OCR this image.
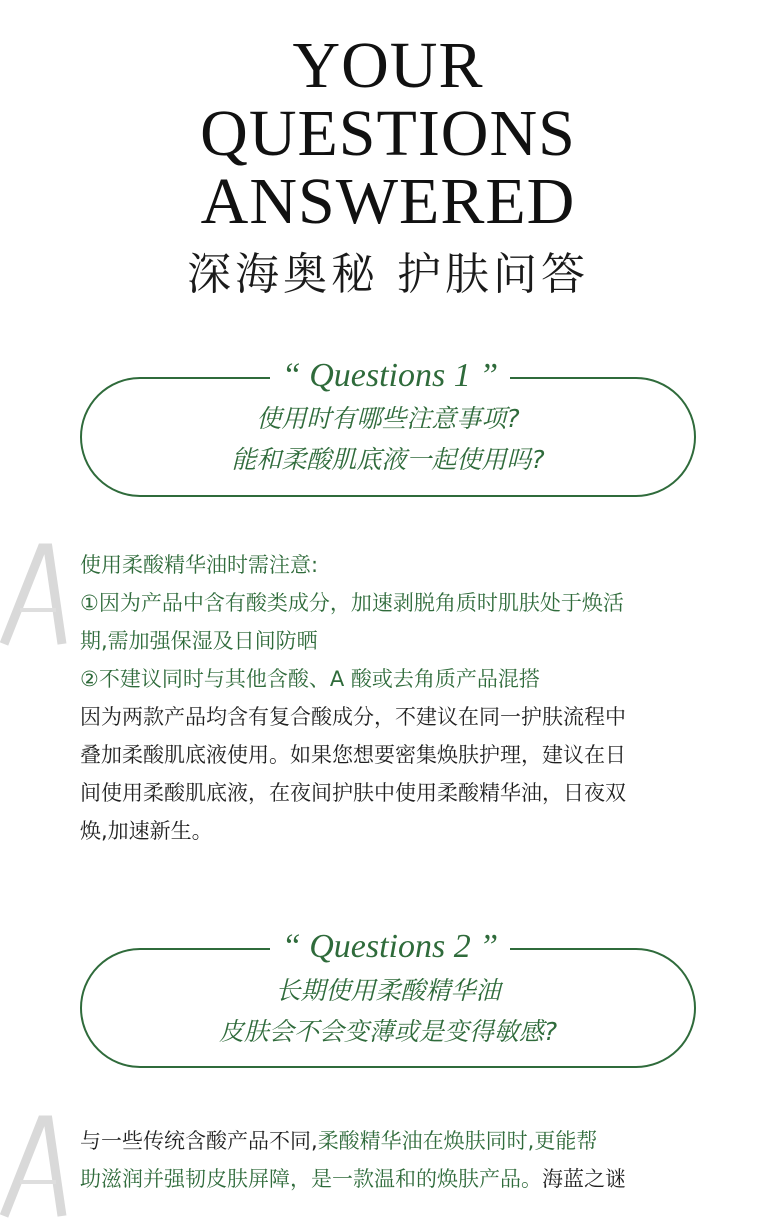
YOUR
QUESTIONS
ANSWERED
深海奥秘 护肤问答
“ Questions 1 ”
使用时有哪些注意事项?
能和柔酸肌底液一起使用吗?

使用柔酸精华油时需注意:

①因为产品中含有酸类成分，加速剥脱角质时肌肤处于焕活

期,需加强保湿及日间防晒

②不建议同时与其他含酸、A 酸或去角质产品混搭

因为两款产品均含有复合酸成分，不建议在同一护肤流程中

叠加柔酸肌底液使用。如果您想要密集焕肤护理，建议在日

间使用柔酸肌底液，在夜间护肤中使用柔酸精华油，日夜双

焕,加速新生。

“ Questions 2 ”
长期使用柔酸精华油
皮肤会不会变薄或是变得敏感?

与一些传统含酸产品不同,柔酸精华油在焕肤同时,更能帮

助滋润并强韧皮肤屏障，是一款温和的焕肤产品。海蓝之谜
